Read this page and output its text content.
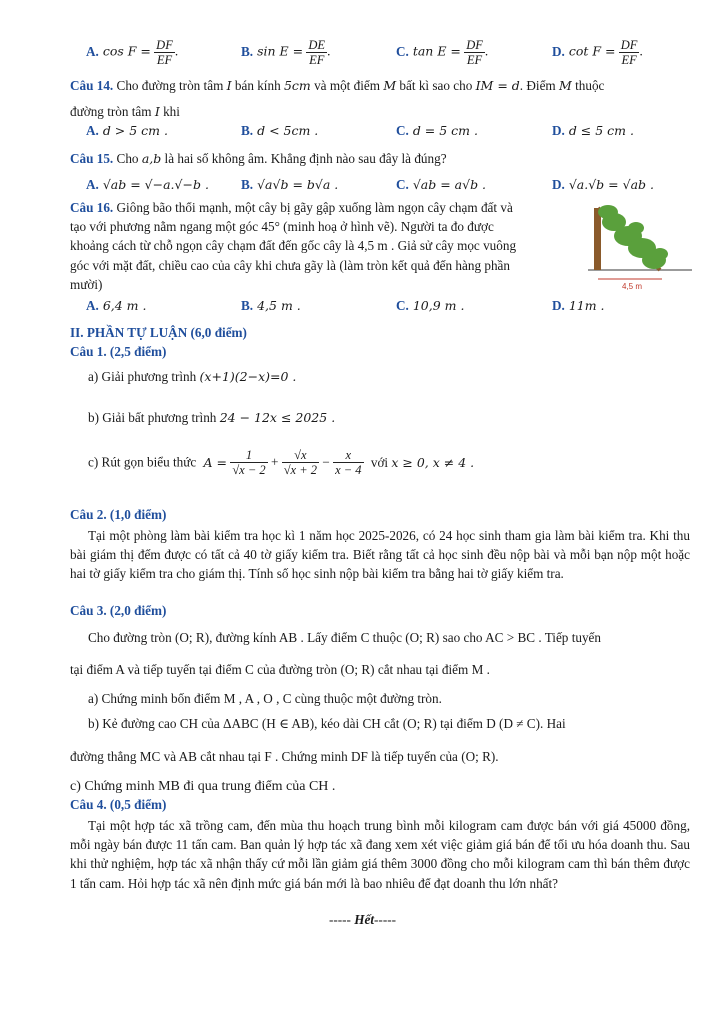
A. $\cos F = \frac{DF}{EF}$ .	B. $\sin E = \frac{DE}{EF}$ .	C. $\tan E = \frac{DF}{EF}$ .	D. $\cot F = \frac{DF}{EF}$ .
Câu 14. Cho đường tròn tâm I bán kính 5cm và một điểm M bất kì sao cho IM = d. Điểm M thuộc
đường tròn tâm I khi
A. d > 5 cm .	B. d < 5cm .	C. d = 5 cm .	D. d ≤ 5 cm .
Câu 15. Cho a,b là hai số không âm. Khẳng định nào sau đây là đúng?
A. √ab = √−a.√−b . B. √a√b = b√a .	C. √ab = a√b .	D. √a.√b = √ab .
Câu 16. Giông bão thổi mạnh, một cây bị gãy gập xuống làm ngọn cây chạm đất và
tạo với phương nằm ngang một góc 45° (minh hoạ ở hình vẽ). Người ta đo được
khoảng cách từ chỗ ngọn cây chạm đất đến gốc cây là 4,5 m . Giả sử cây mọc vuông
góc với mặt đất, chiều cao của cây khi chưa gãy là (làm tròn kết quả đến hàng phần
mười)	4,5 m
A. 6,4 m .	B. 4,5 m .	C. 10,9 m .	D. 11m .
II. PHẦN TỰ LUẬN (6,0 điểm)
Câu 1. (2,5 điểm)
a) Giải phương trình (x+1)(2−x)=0 .
b) Giải bất phương trình 24 − 12x ≤ 2025 .
c) Rút gọn biểu thức $A = \frac{1}{√x - 2} + \frac{√x}{√x + 2} - \frac{x}{x - 4}$ với x ≥ 0, x ≠ 4 .
Câu 2. (1,0 điểm)
Tại một phòng làm bài kiểm tra học kì 1 năm học 2025-2026, có 24 học sinh tham gia làm bài kiểm tra. Khi thu bài giám thị đếm được có tất cả 40 tờ giấy kiểm tra. Biết rằng tất cả học sinh đều nộp bài và mỗi bạn nộp một hoặc hai tờ giấy kiểm tra cho giám thị. Tính số học sinh nộp bài kiểm tra bằng hai tờ giấy kiểm tra.
Câu 3. (2,0 điểm)
Cho đường tròn (O; R), đường kính AB . Lấy điểm C thuộc (O; R) sao cho AC > BC . Tiếp tuyến
tại điểm A và tiếp tuyến tại điểm C của đường tròn (O; R) cắt nhau tại điểm M .
a) Chứng minh bốn điểm M , A , O , C cùng thuộc một đường tròn.
b) Kẻ đường cao CH của ΔABC (H ∈ AB), kéo dài CH cắt (O; R) tại điểm D (D ≠ C). Hai
đường thẳng MC và AB cắt nhau tại F . Chứng minh DF là tiếp tuyến của (O; R).
c) Chứng minh MB đi qua trung điểm của CH .
Câu 4. (0,5 điểm)
Tại một hợp tác xã trồng cam, đến mùa thu hoạch trung bình mỗi kilogram cam được bán với giá 45000 đồng, mỗi ngày bán được 11 tấn cam. Ban quản lý hợp tác xã đang xem xét việc giảm giá bán để tối ưu hóa doanh thu. Sau khi thử nghiệm, hợp tác xã nhận thấy cứ mỗi lần giảm giá thêm 3000 đồng cho mỗi kilogram cam thì bán thêm được 1 tấn cam. Hỏi hợp tác xã nên định mức giá bán mới là bao nhiêu để đạt doanh thu lớn nhất?
----- Hết-----
